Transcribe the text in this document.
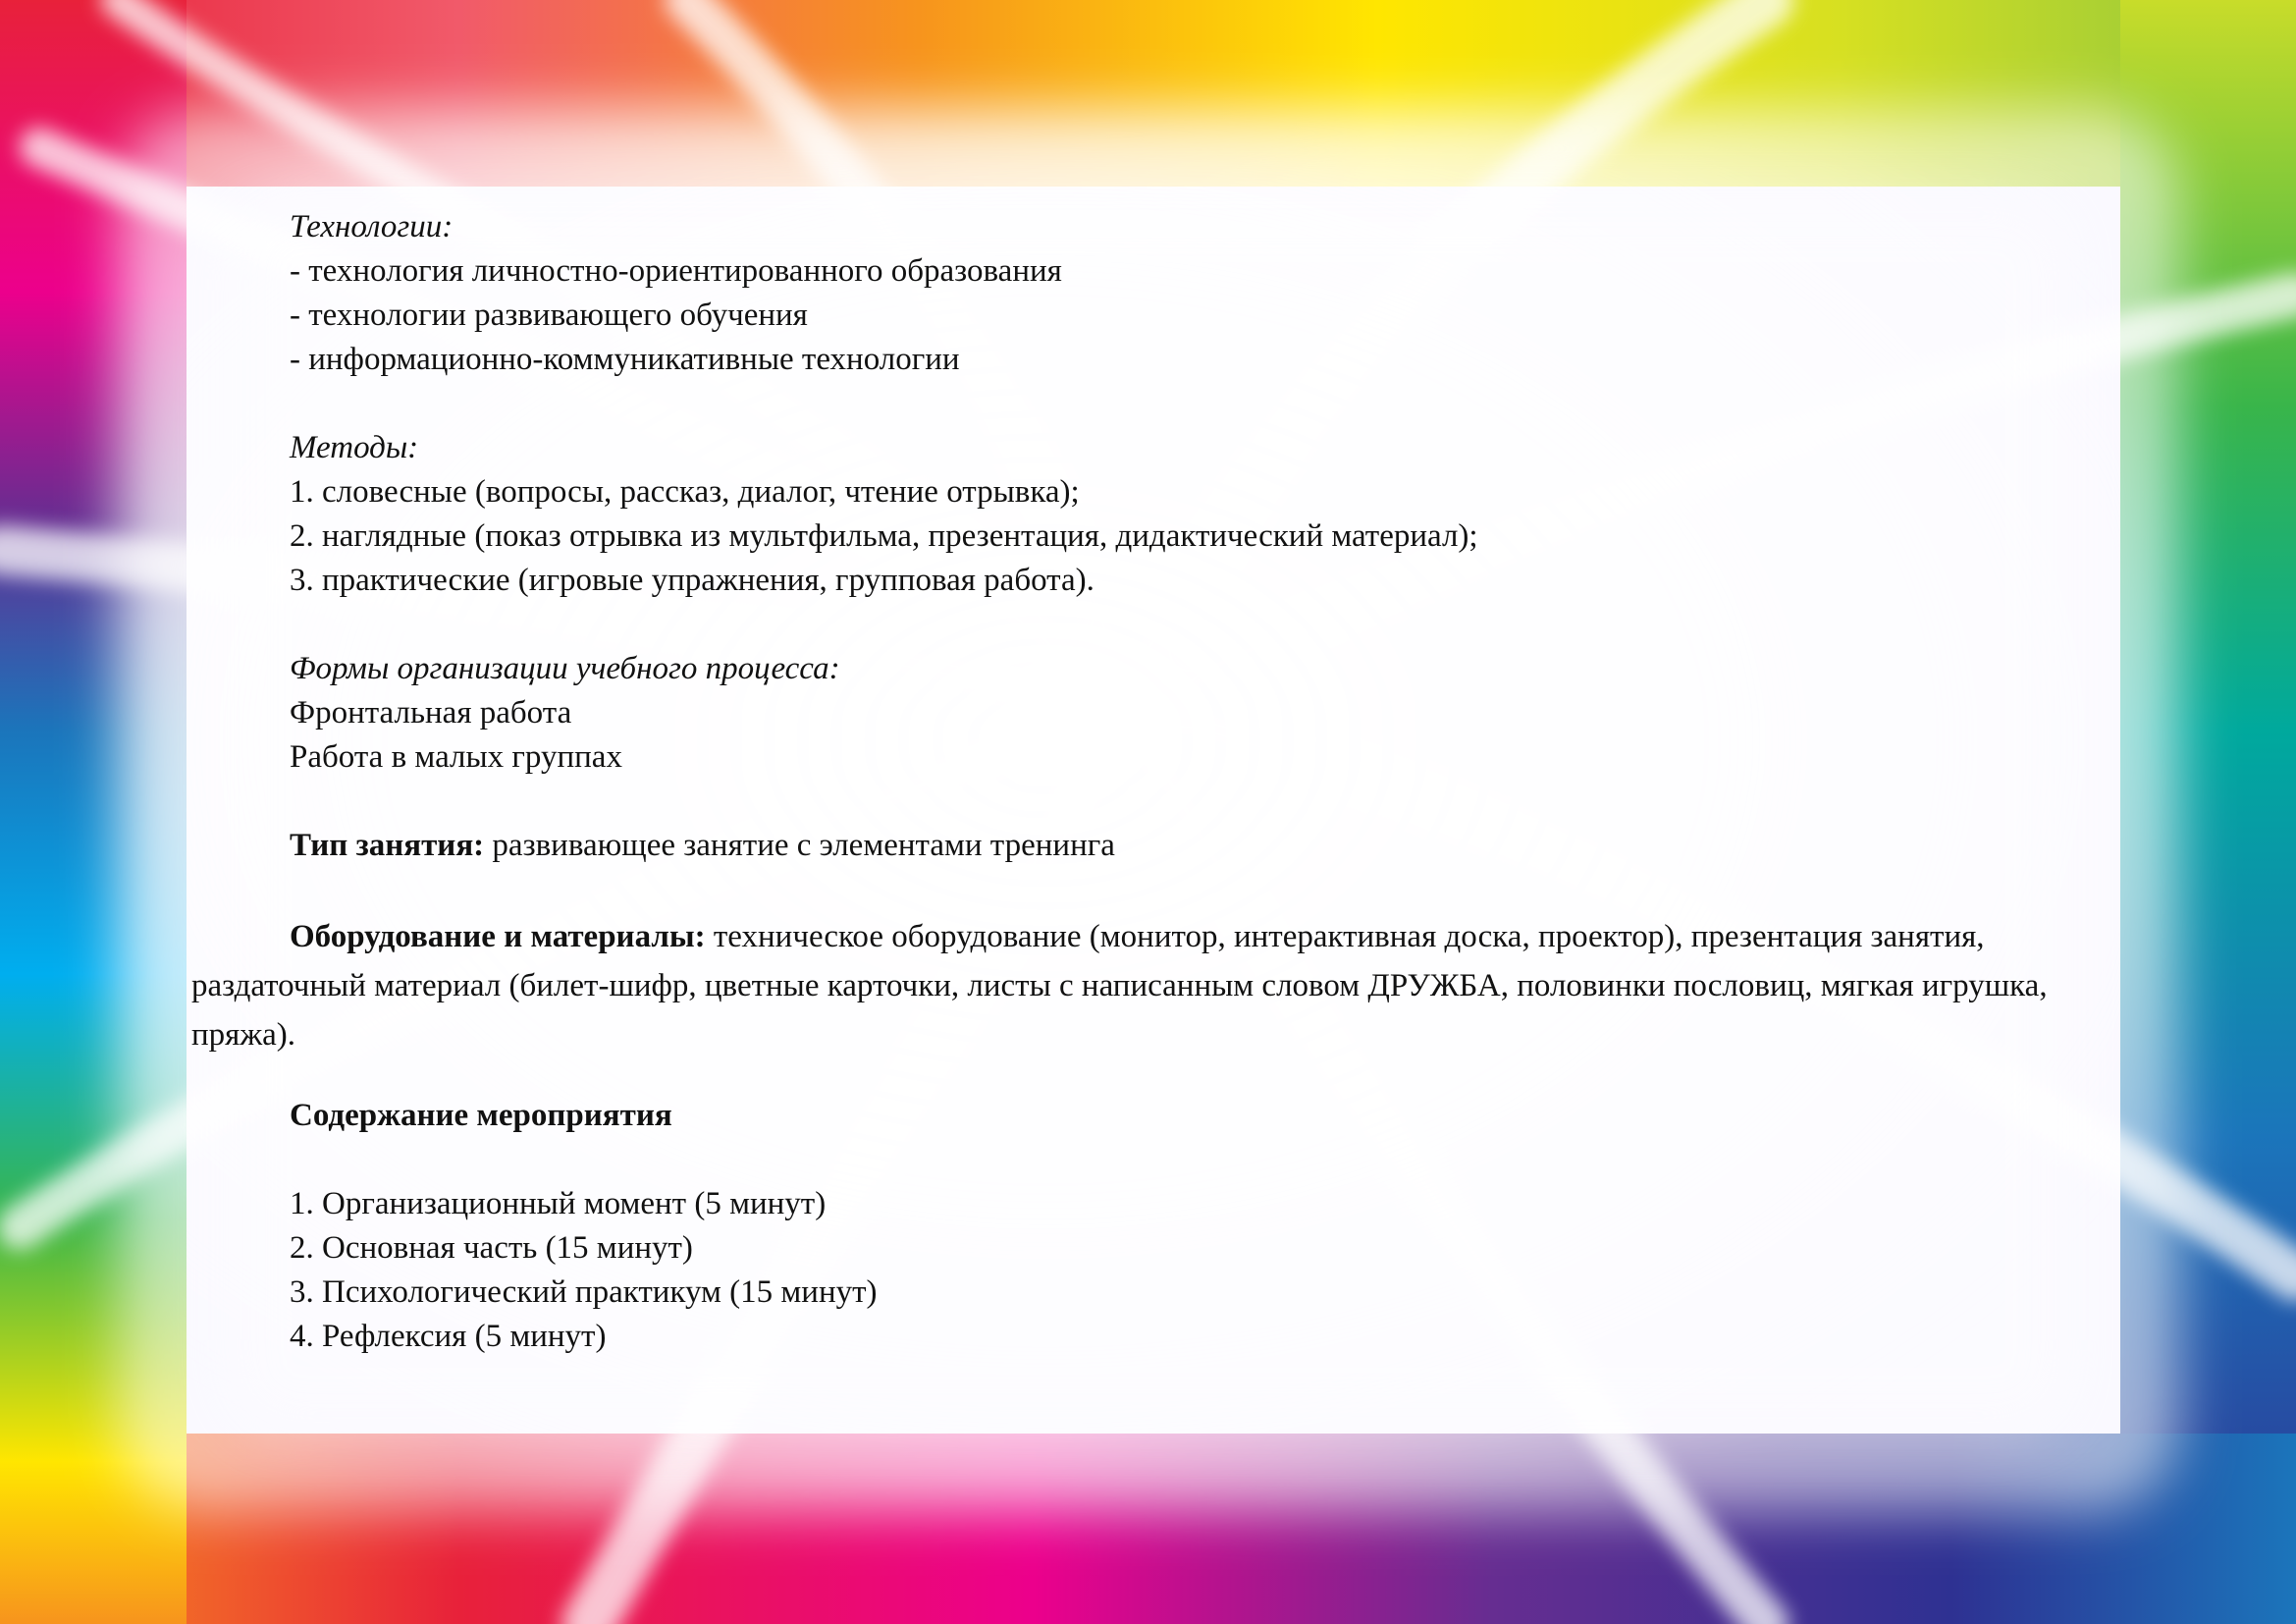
Технологии:
- технология личностно-ориентированного образования
- технологии развивающего обучения
- информационно-коммуникативные технологии
Методы:
1. словесные (вопросы, рассказ, диалог, чтение отрывка);
2. наглядные (показ отрывка из мультфильма, презентация, дидактический материал);
3. практические (игровые упражнения, групповая работа).
Формы организации учебного процесса:
Фронтальная работа
Работа в малых группах
Тип занятия: развивающее занятие с элементами тренинга

Оборудование и материалы: техническое оборудование (монитор, интерактивная доска, проектор), презентация занятия, раздаточный материал (билет-шифр, цветные карточки, листы с написанным словом ДРУЖБА, половинки пословиц, мягкая игрушка, пряжа).

Содержание мероприятия
1. Организационный момент (5 минут)
2. Основная часть (15 минут)
3. Психологический практикум (15 минут)
4. Рефлексия (5 минут)
